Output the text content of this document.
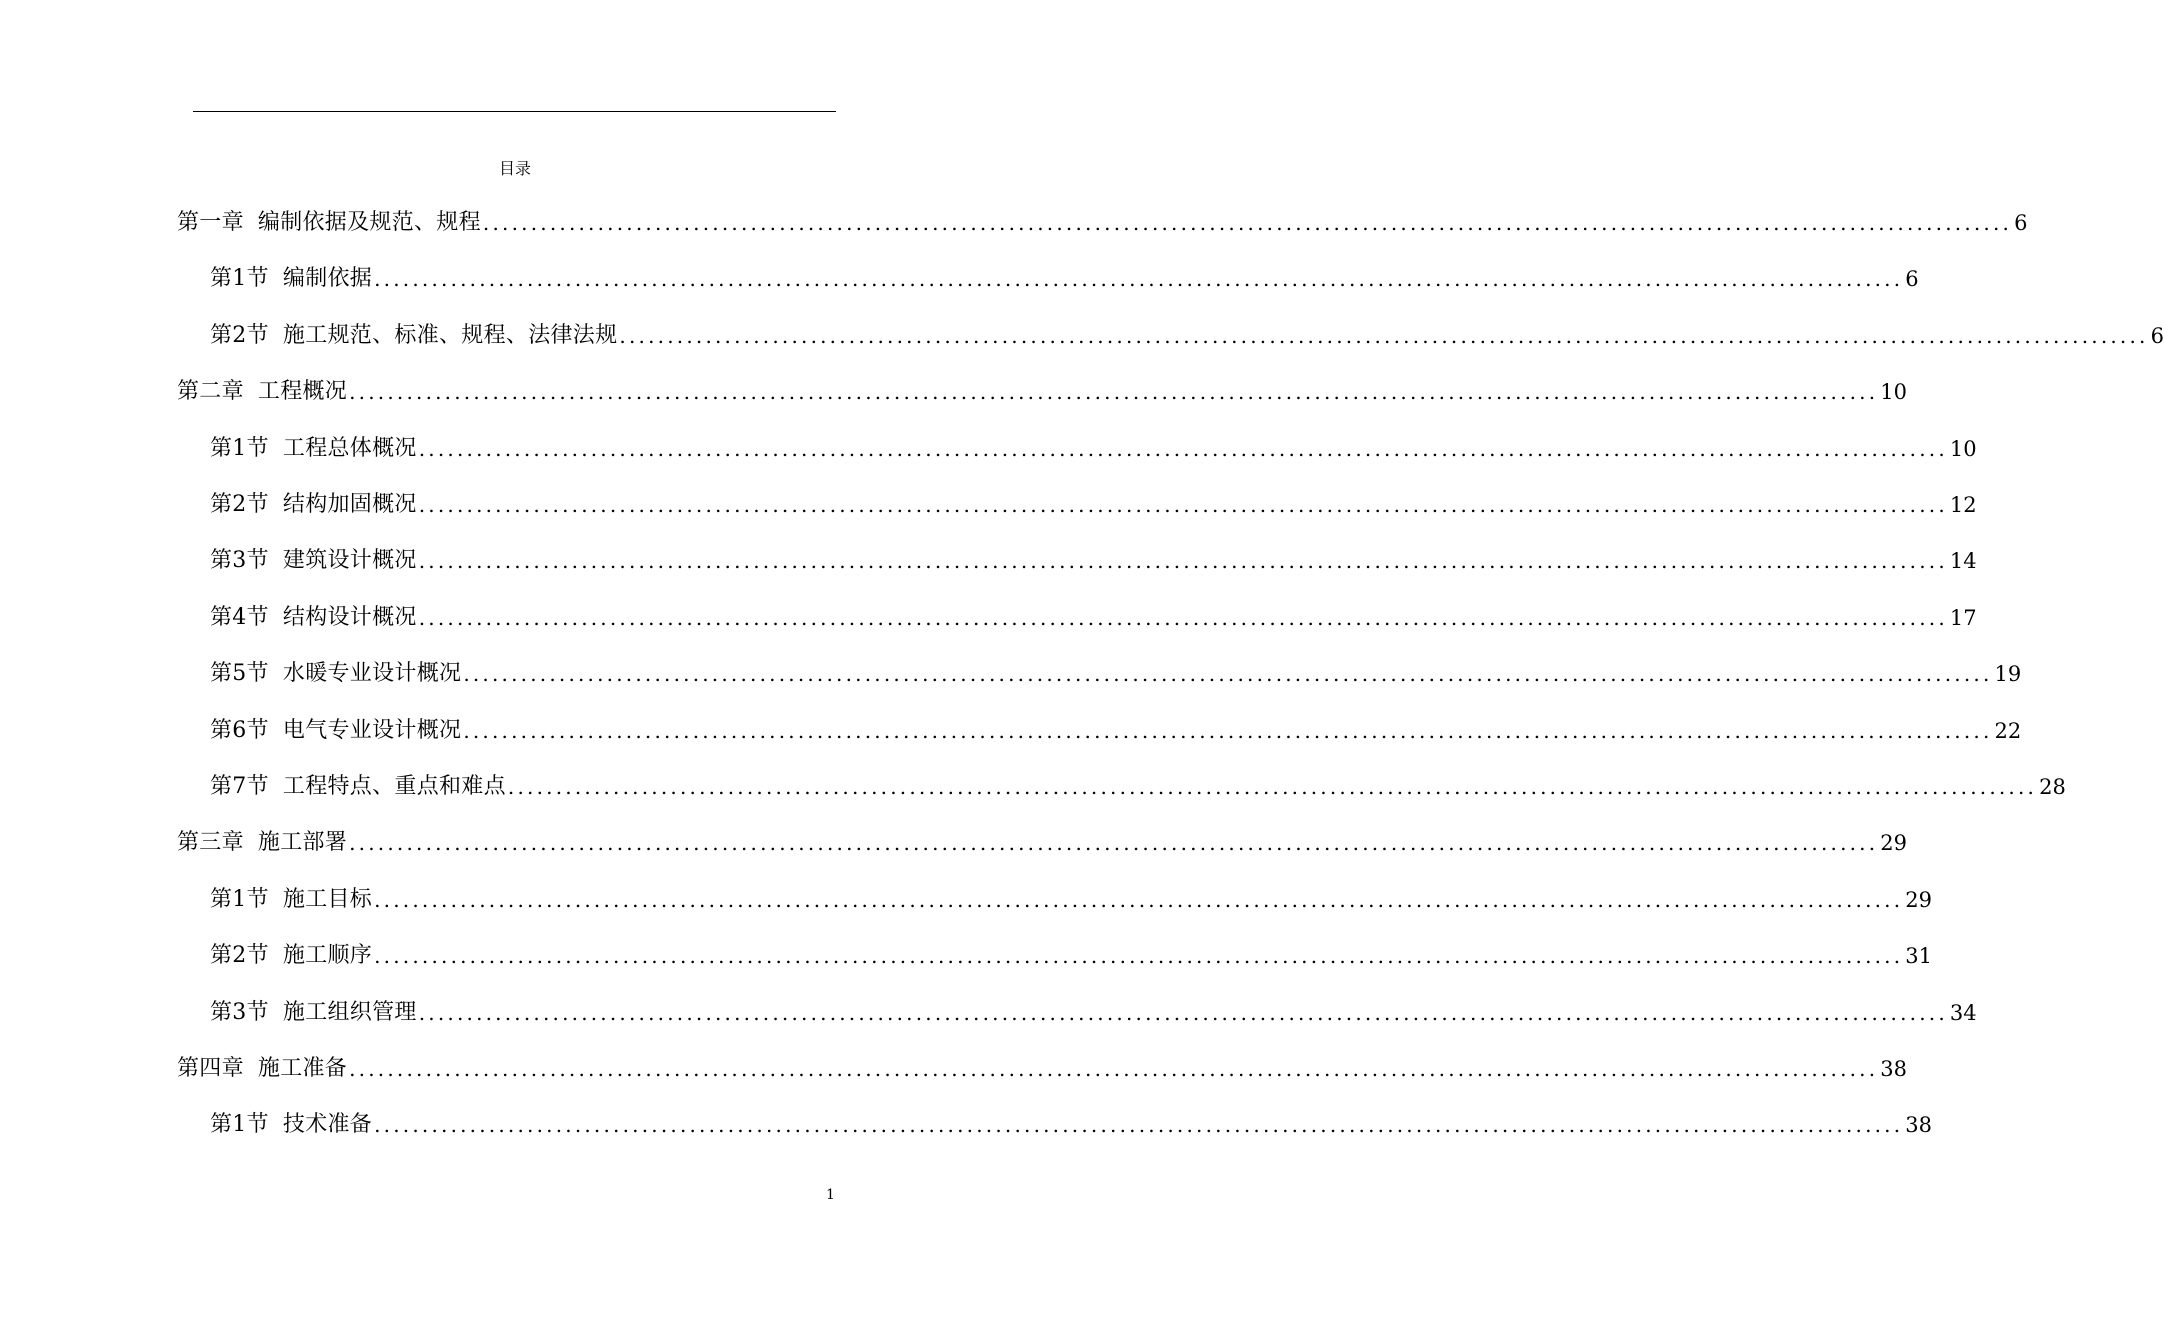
目录
第一章 编制依据及规范、规程 ................................................................................................................................................................ 6
第1节 编制依据 ................................................................................................................................................................ 6
第2节 施工规范、标准、规程、法律法规 ................................................................................................................................................................ 6
第二章 工程概况 ................................................................................................................................................................ 10
第1节 工程总体概况 ................................................................................................................................................................ 10
第2节 结构加固概况 ................................................................................................................................................................ 12
第3节 建筑设计概况 ................................................................................................................................................................ 14
第4节 结构设计概况 ................................................................................................................................................................ 17
第5节 水暖专业设计概况 ................................................................................................................................................................ 19
第6节 电气专业设计概况 ................................................................................................................................................................ 22
第7节 工程特点、重点和难点 ................................................................................................................................................................ 28
第三章 施工部署 ................................................................................................................................................................ 29
第1节 施工目标 ................................................................................................................................................................ 29
第2节 施工顺序 ................................................................................................................................................................ 31
第3节 施工组织管理 ................................................................................................................................................................ 34
第四章 施工准备 ................................................................................................................................................................ 38
第1节 技术准备 ................................................................................................................................................................ 38
1
